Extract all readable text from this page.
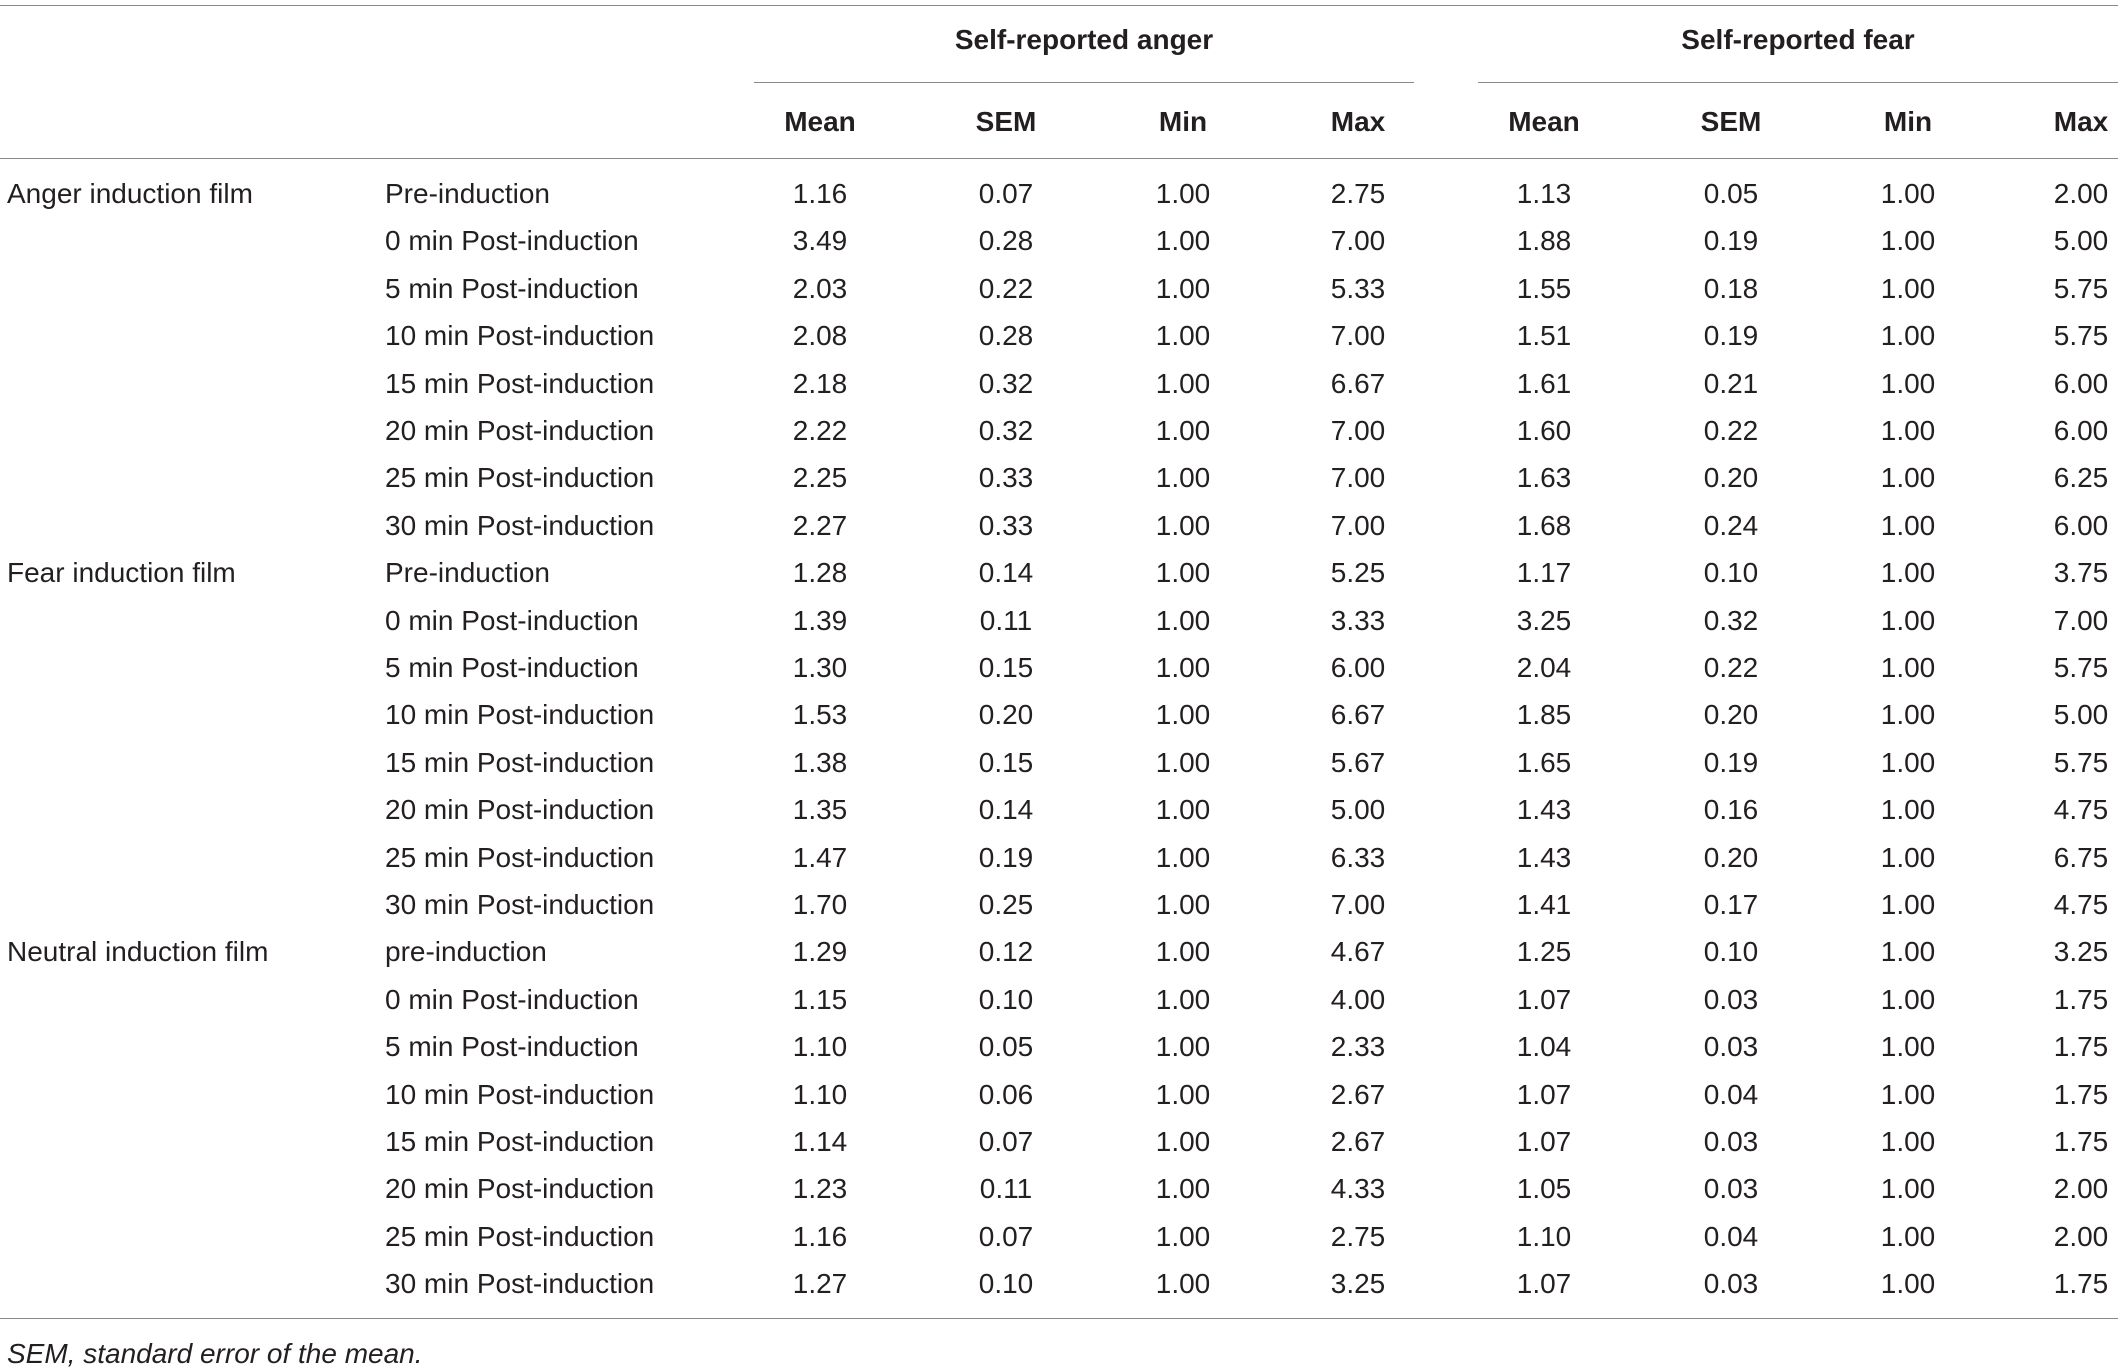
Self-reported anger	Self-reported fear
Mean	SEM	Min	Max	Mean	SEM	Min	Max
Anger induction film	Pre-induction	1.16	0.07	1.00	2.75	1.13	0.05	1.00	2.00
0 min Post-induction	3.49	0.28	1.00	7.00	1.88	0.19	1.00	5.00
5 min Post-induction	2.03	0.22	1.00	5.33	1.55	0.18	1.00	5.75
10 min Post-induction	2.08	0.28	1.00	7.00	1.51	0.19	1.00	5.75
15 min Post-induction	2.18	0.32	1.00	6.67	1.61	0.21	1.00	6.00
20 min Post-induction	2.22	0.32	1.00	7.00	1.60	0.22	1.00	6.00
25 min Post-induction	2.25	0.33	1.00	7.00	1.63	0.20	1.00	6.25
30 min Post-induction	2.27	0.33	1.00	7.00	1.68	0.24	1.00	6.00
Fear induction film	Pre-induction	1.28	0.14	1.00	5.25	1.17	0.10	1.00	3.75
0 min Post-induction	1.39	0.11	1.00	3.33	3.25	0.32	1.00	7.00
5 min Post-induction	1.30	0.15	1.00	6.00	2.04	0.22	1.00	5.75
10 min Post-induction	1.53	0.20	1.00	6.67	1.85	0.20	1.00	5.00
15 min Post-induction	1.38	0.15	1.00	5.67	1.65	0.19	1.00	5.75
20 min Post-induction	1.35	0.14	1.00	5.00	1.43	0.16	1.00	4.75
25 min Post-induction	1.47	0.19	1.00	6.33	1.43	0.20	1.00	6.75
30 min Post-induction	1.70	0.25	1.00	7.00	1.41	0.17	1.00	4.75
Neutral induction film	pre-induction	1.29	0.12	1.00	4.67	1.25	0.10	1.00	3.25
0 min Post-induction	1.15	0.10	1.00	4.00	1.07	0.03	1.00	1.75
5 min Post-induction	1.10	0.05	1.00	2.33	1.04	0.03	1.00	1.75
10 min Post-induction	1.10	0.06	1.00	2.67	1.07	0.04	1.00	1.75
15 min Post-induction	1.14	0.07	1.00	2.67	1.07	0.03	1.00	1.75
20 min Post-induction	1.23	0.11	1.00	4.33	1.05	0.03	1.00	2.00
25 min Post-induction	1.16	0.07	1.00	2.75	1.10	0.04	1.00	2.00
30 min Post-induction	1.27	0.10	1.00	3.25	1.07	0.03	1.00	1.75
SEM, standard error of the mean.
